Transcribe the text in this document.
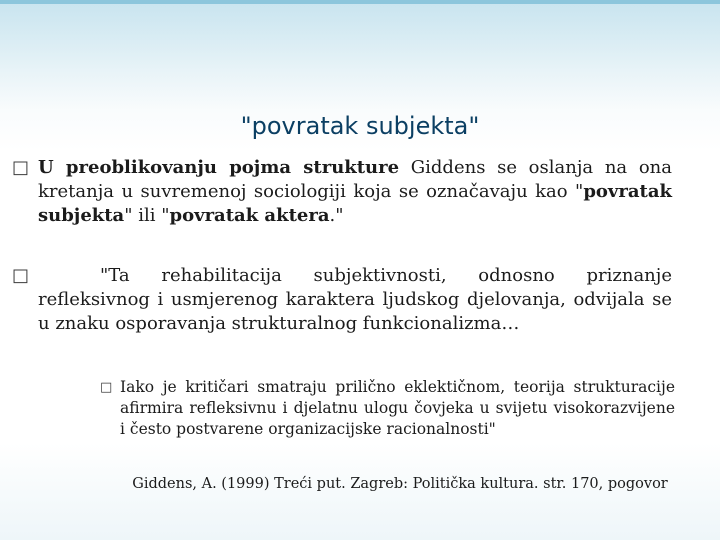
"povratak subjekta"
□ U preoblikovanju pojma strukture Giddens se oslanja na ona kretanja u suvremenoj sociologiji koja se označavaju kao "povratak subjekta" ili "povratak aktera."
□	"Ta rehabilitacija subjektivnosti, odnosno priznanje refleksivnog i usmjerenog karaktera ljudskog djelovanja, odvijala se u znaku osporavanja strukturalnog funkcionalizma…
□ Iako je kritičari smatraju prilično eklektičnom, teorija strukturacije afirmira refleksivnu i djelatnu ulogu čovjeka u svijetu visokorazvijene i često postvarene organizacijske racionalnosti"
Giddens, A. (1999) Treći put. Zagreb: Politička kultura. str. 170, pogovor
